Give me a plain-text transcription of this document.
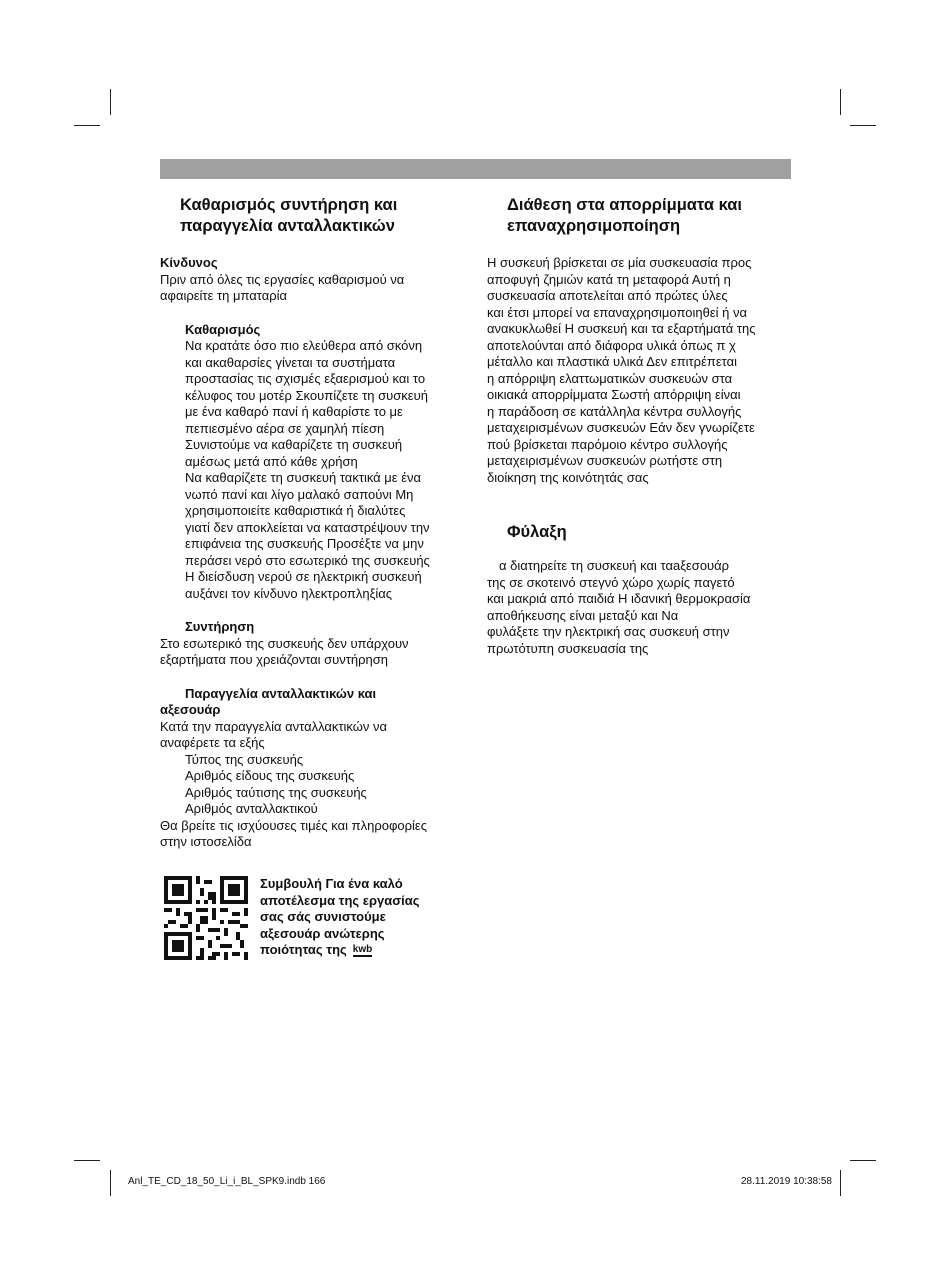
Καθαρισμός συντήρηση και
παραγγελία ανταλλακτικών
Κίνδυνος

Πριν από όλες τις εργασίες καθαρισμού να

αφαιρείτε τη μπαταρία

Καθαρισμός

Να κρατάτε όσο πιο ελεύθερα από σκόνη

και ακαθαρσίες γίνεται τα συστήματα

προστασίας τις σχισμές εξαερισμού και το

κέλυφος του μοτέρ Σκουπίζετε τη συσκευή

με ένα καθαρό πανί ή καθαρίστε το με

πεπιεσμένο αέρα σε χαμηλή πίεση

Συνιστούμε να καθαρίζετε τη συσκευή

αμέσως μετά από κάθε χρήση

Να καθαρίζετε τη συσκευή τακτικά με ένα

νωπό πανί και λίγο μαλακό σαπούνι Μη

χρησιμοποιείτε καθαριστικά ή διαλύτες

γιατί δεν αποκλείεται να καταστρέψουν την

επιφάνεια της συσκευής Προσέξτε να μην

περάσει νερό στο εσωτερικό της συσκευής

Η διείσδυση νερού σε ηλεκτρική συσκευή

αυξάνει τον κίνδυνο ηλεκτροπληξίας

Συντήρηση

Στο εσωτερικό της συσκευής δεν υπάρχουν

εξαρτήματα που χρειάζονται συντήρηση

Παραγγελία ανταλλακτικών και
αξεσουάρ

Κατά την παραγγελία ανταλλακτικών να

αναφέρετε τα εξής

Τύπος της συσκευής

Αριθμός είδους της συσκευής

Αριθμός ταύτισης της συσκευής

Αριθμός ανταλλακτικού

Θα βρείτε τις ισχύουσες τιμές και πληροφορίες

στην ιστοσελίδα

Συμβουλή Για ένα καλό
αποτέλεσμα της εργασίας
σας σάς συνιστούμε
αξεσουάρ ανώτερης
ποιότητας της kwb
Διάθεση στα απορρίμματα και
επαναχρησιμοποίηση

Η συσκευή βρίσκεται σε μία συσκευασία προς

αποφυγή ζημιών κατά τη μεταφορά Αυτή η

συσκευασία αποτελείται από πρώτες ύλες

και έτσι μπορεί να επαναχρησιμοποιηθεί ή να

ανακυκλωθεί Η συσκευή και τα εξαρτήματά της

αποτελούνται από διάφορα υλικά όπως π χ

μέταλλο και πλαστικά υλικά Δεν επιτρέπεται

η απόρριψη ελαττωματικών συσκευών στα

οικιακά απορρίμματα Σωστή απόρριψη είναι

η παράδοση σε κατάλληλα κέντρα συλλογής

μεταχειρισμένων συσκευών Εάν δεν γνωρίζετε

πού βρίσκεται παρόμοιο κέντρο συλλογής

μεταχειρισμένων συσκευών ρωτήστε στη

διοίκηση της κοινότητάς σας

Φύλαξη

α διατηρείτε τη συσκευή και ταaξεσουάρ

της σε σκοτεινό στεγνό χώρο χωρίς παγετό

και μακριά από παιδιά Η ιδανική θερμοκρασία

αποθήκευσης είναι μεταξύ και Να

φυλάξετε την ηλεκτρική σας συσκευή στην

πρωτότυπη συσκευασία της

Anl_TE_CD_18_50_Li_i_BL_SPK9.indb 166	28.11.2019 10:38:58
